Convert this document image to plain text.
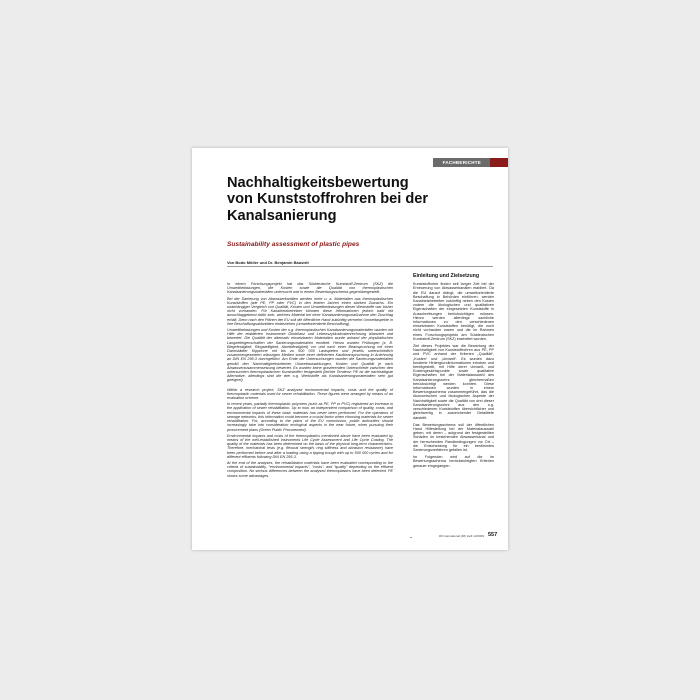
FACHBERICHTE
Nachhaltigkeitsbewertung
von Kunststoffrohren bei der
Kanalsanierung
Sustainability assessment of plastic pipes
Von Bodo Möller und Dr. Benjamin Baustrit

In einem Forschungsprojekt hat das Süddeutsche Kunststoff-Zentrum (SKZ) die Umweltbelastungen, die Kosten sowie die Qualität von thermoplastischen Kanalsanierungsmaterialien untersucht und in einem Bewertungsschema gegenübergestellt.

Bei der Sanierung von Abwasserkanälen werden mehr u. a. Materialien aus thermoplastischen Kunststoffen (wie PE, PP oder PVC) in den letzten Jahren einen starken Zuwachs. Ein unabhängiger Vergleich von Qualität, Kosten und Umweltbelastungen dieser Werkstoffe war bisher nicht vorhanden. Für Kanalnetzbetreiber könnten diese Informationen jedoch bald mit ausschlaggebend dafür sein, welches Material bei einer Kanalsanierungsmaßnahme den Zuschlag erhält. Denn nach den Plänen der EU soll die öffentliche Hand zukünftig vermehrt Umweltaspekte in ihre Beschaffungsaktivitäten einbeziehen (umweltorientierte Beschaffung).

Umweltbelastungen und Kosten der o.g. thermoplastischen Kanalsanierungsmaterialien wurden mit Hilfe der etablierten Instrumente Ökobilanz und Lebenszykluskostenrechnung bilanziert und bewertet. Die Qualität der alternativ einsetzbaren Materialien wurde anhand der physikalischen Langzeiteigenschaften der Sanierungsmaterialien ermittelt. Hierzu wurden Prüfungen (z. B. Biegefestigkeit, Ringsteifigkeit, Abriebfestigkeit) vor und nach einer Beanspruchung mit einer Darmstädter Kipprinne mit bis zu 500 000 Lastspielen und jeweils unterschiedlich zusammengesetzten wässrigen Medien sowie einer definierten Kaufbeanspruchung in Anlehnung an DIN EN 295-3 durchgeführt. Am Ende der Untersuchungen wurden die Sanierungsmaterialien gemäß den Nachhaltigkeitskriterien Umweltauswirkungen, Kosten und Qualität je nach Abwasserzusammensetzung bewertet. Es wurden keine gravierenden Unterschiede zwischen den untersuchten thermoplastischen Kunststoffen festgestellt (leichte Tendenz: PE ist die nachhaltigste Alternative, allerdings sind die drei o.g. Werkstoffe als Kanalsanierungsmaterialien sehr gut geeignet).

Within a research project, SKZ analysed environmental impacts, costs and the quality of thermoplastic materials used for sewer rehabilitation. These figures were arranged by means of an evaluation scheme.

In recent years, partially thermoplastic polymers (such as PE, PP or PVC) registered an increase in the application of sewer rehabilitation. Up to now, an independent comparison of quality, costs, and environmental impacts of these basic materials has never been performed. For the operators of sewage networks, this information could become a crucial factor when choosing materials for sewer rehabilitation. For, according to the plans of the EU commission, public authorities should increasingly take into consideration ecological aspects in the near future, when pursuing their procurement plans (Green Public Procurement).

Environmental impacts and costs of the thermoplastics mentioned above have been evaluated by means of the well-established instruments Life Cycle Assessment and Life Cycle Costing. The quality of the materials has been determined on the basis of the physical long-term characteristics. Therefore, mechanical tests (e.g. flexural strength, ring stiffness and abrasion resistance) have been performed before and after a loading using a tipping trough with up to 500 000 cycles and for different effluents following DIN EN 295-3.

At the end of the analyses, the rehabilitation materials have been evaluated corresponding to the criteria of sustainability, "environmental impacts", "costs", and "quality" depending on the effluent composition. No serious differences between the analysed thermoplastics have been detected. PE shows some advantages.

Einleitung und Zielsetzung

Kunststoffrohre finden seit langer Zeit bei der Erneuerung von Abwasserkanälen etabliert. Da die EU darauf drängt, die umweltorientierte Beschaffung in Behörden einführen, werden Kanalnetzbetreiber zukünftig neben den Kosten zudem die ökologischen und qualitativen Eigenschaften der eingesetzten Kunststoffe in Ausschreibungen berücksichtigen müssen. Hierzu werden allerdings sachliche Informationen zu den verschiedenen einsetzbaren Kunststoffen benötigt, die noch nicht vorhanden waren und die im Rahmen eines Forschungsprojekts am Süddeutschen Kunststoff-Zentrum (SKZ) erarbeitet wurden.

Ziel dieses Projektes war die Bewertung der Nachhaltigkeit von Kunststoffrohren aus PE, PP und PVC anhand der Kriterien „Qualität“, „Kosten“ und „Umwelt“. Es wurden dazu fundierte Hintergrundinformationen erhoben und bereitgestellt, mit Hilfe derer Umwelt- und Kostengesichtspunkte sowie qualitative Eigenschaften bei der Materialauswahl des Kanalsanierungsrohrs gleichermaßen berücksichtigt werden konnten. Diese Informationen wurden in einem Bewertungsschema zusammengeführt, das die ökonomischen und ökologischen Aspekte der Nachhaltigkeit sowie die Qualität von drei dieser Kanalsanierungsrohre aus den o.g. verschiedenen Kunststoffen übersichtlicher und gleichwertig in ausreichender Detailtiefe darstellt.

Das Bewertungsschema soll der öffentlichen Hand Hilfestellung bei der Materialauswahl geben, mit deren – aufgrund der festgestellten Schäden im bestehenden Abwasserkanal und der herrschenden Randbedingungen vor Ort – die Entscheidung für ein bestimmtes Sanierungsverfahren gefallen ist.

Im Folgenden wird auf die im Bewertungsschema berücksichtigten Kriterien genauer eingegangen.

3R international (48) Heft 10/2009 557
